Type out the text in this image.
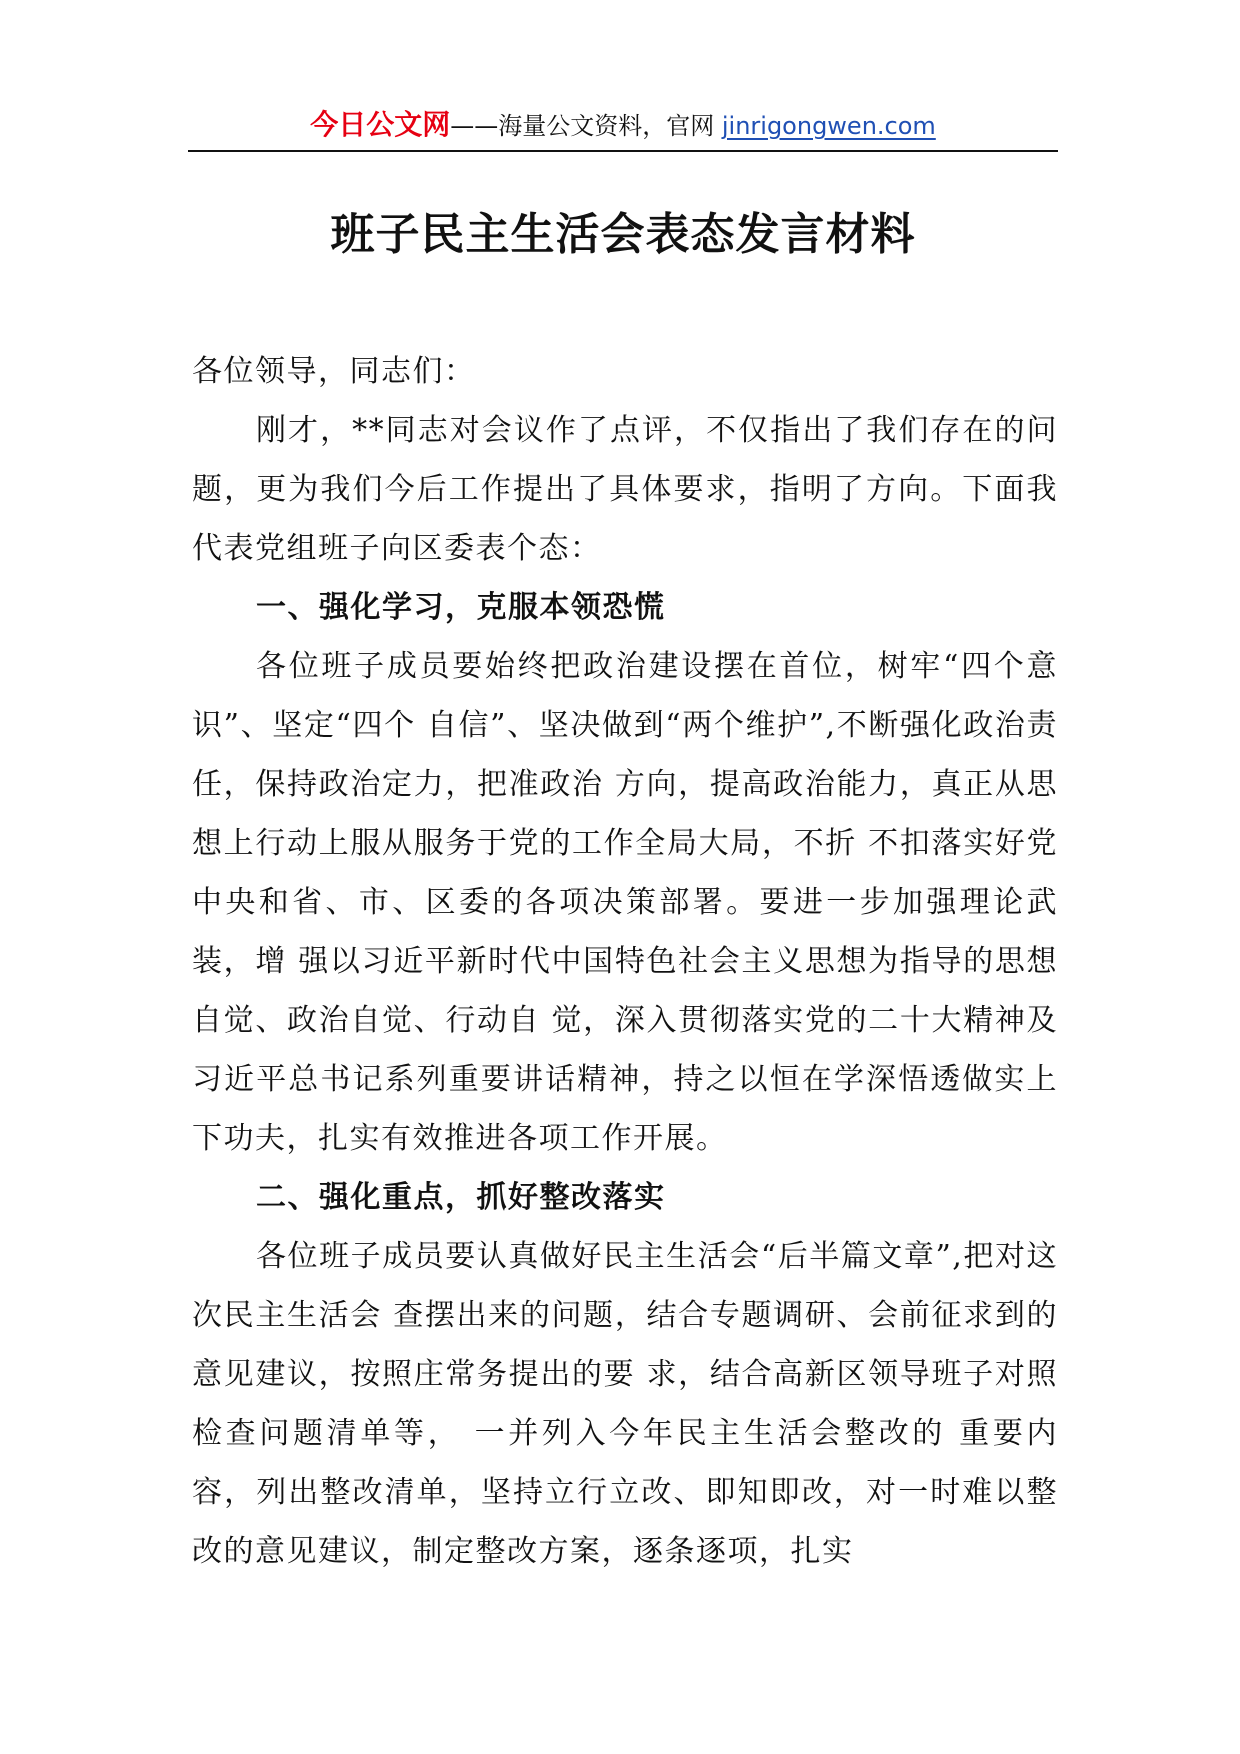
今日公文网——海量公文资料，官网 jinrigongwen.com
班子民主生活会表态发言材料

各位领导，同志们：

刚才，**同志对会议作了点评，不仅指出了我们存在的问题，更为我们今后工作提出了具体要求，指明了方向。下面我代表党组班子向区委表个态：

一、强化学习，克服本领恐慌

各位班子成员要始终把政治建设摆在首位，树牢“四个意识”、坚定“四个 自信”、坚决做到“两个维护”,不断强化政治责任，保持政治定力，把准政治 方向，提高政治能力，真正从思想上行动上服从服务于党的工作全局大局，不折 不扣落实好党中央和省、市、区委的各项决策部署。要进一步加强理论武装，增 强以习近平新时代中国特色社会主义思想为指导的思想自觉、政治自觉、行动自 觉，深入贯彻落实党的二十大精神及习近平总书记系列重要讲话精神，持之以恒在学深悟透做实上下功夫，扎实有效推进各项工作开展。

二、强化重点，抓好整改落实

各位班子成员要认真做好民主生活会“后半篇文章”,把对这次民主生活会 查摆出来的问题，结合专题调研、会前征求到的意见建议，按照庄常务提出的要 求，结合高新区领导班子对照检查问题清单等， 一并列入今年民主生活会整改的 重要内容，列出整改清单，坚持立行立改、即知即改，对一时难以整改的意见建议，制定整改方案，逐条逐项，扎实
